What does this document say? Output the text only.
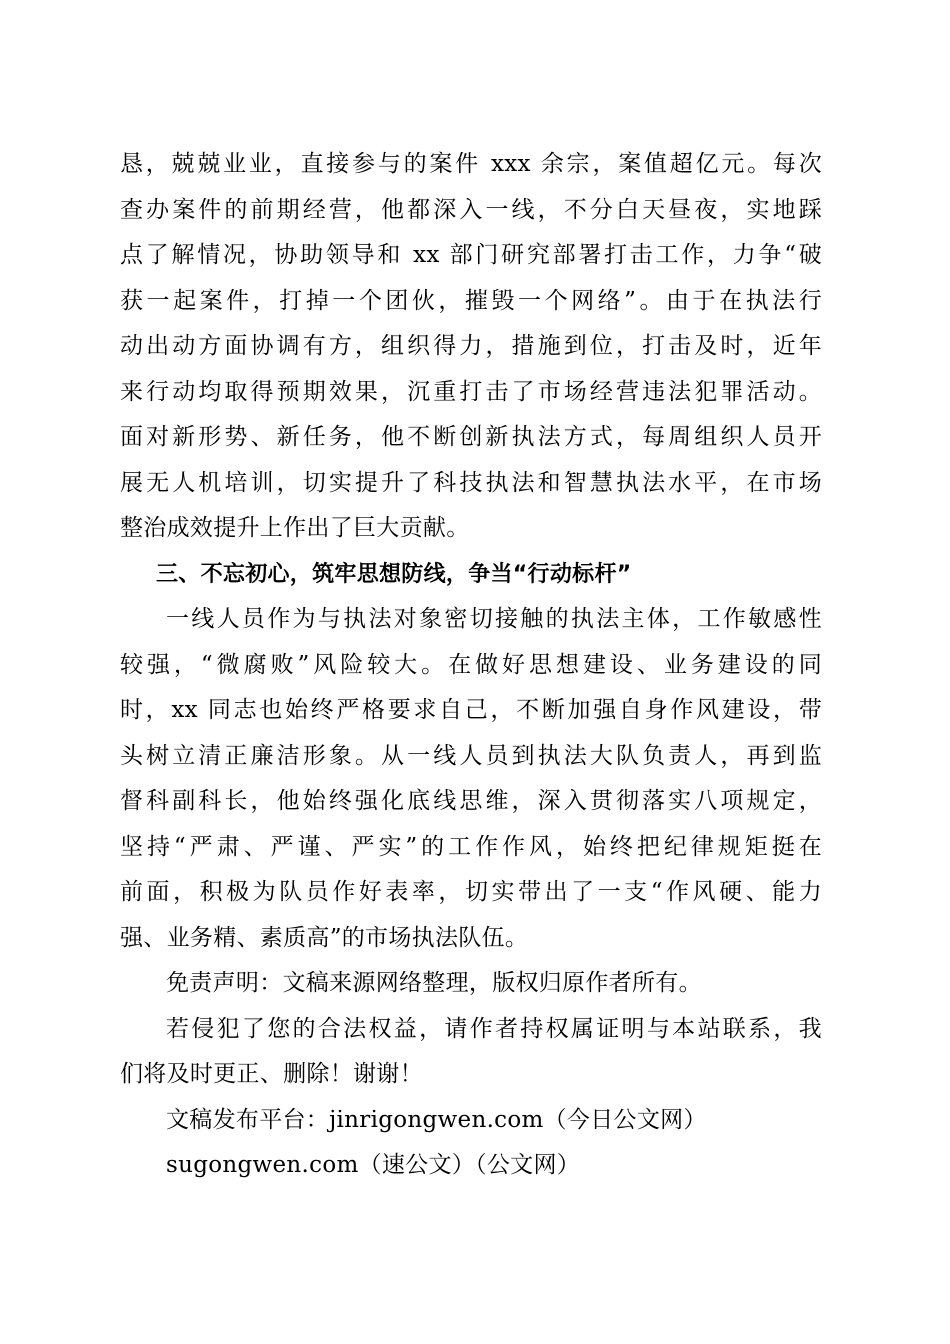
恳，兢兢业业，直接参与的案件 xxx 余宗，案值超亿元。每次
查办案件的前期经营，他都深入一线，不分白天昼夜，实地踩
点了解情况，协助领导和 xx 部门研究部署打击工作，力争“破
获一起案件，打掉一个团伙，摧毁一个网络”。由于在执法行
动出动方面协调有方，组织得力，措施到位，打击及时，近年
来行动均取得预期效果，沉重打击了市场经营违法犯罪活动。
面对新形势、新任务，他不断创新执法方式，每周组织人员开
展无人机培训，切实提升了科技执法和智慧执法水平，在市场
整治成效提升上作出了巨大贡献。
三、不忘初心，筑牢思想防线，争当“行动标杆”
一线人员作为与执法对象密切接触的执法主体，工作敏感性
较强，“微腐败”风险较大。在做好思想建设、业务建设的同
时，xx 同志也始终严格要求自己，不断加强自身作风建设，带
头树立清正廉洁形象。从一线人员到执法大队负责人，再到监
督科副科长，他始终强化底线思维，深入贯彻落实八项规定，
坚持“严肃、严谨、严实”的工作作风，始终把纪律规矩挺在
前面，积极为队员作好表率，切实带出了一支“作风硬、能力
强、业务精、素质高”的市场执法队伍。
免责声明：文稿来源网络整理，版权归原作者所有。
若侵犯了您的合法权益，请作者持权属证明与本站联系，我
们将及时更正、删除！谢谢！
文稿发布平台：jinrigongwen.com（今日公文网）
sugongwen.com（速公文）（公文网）
